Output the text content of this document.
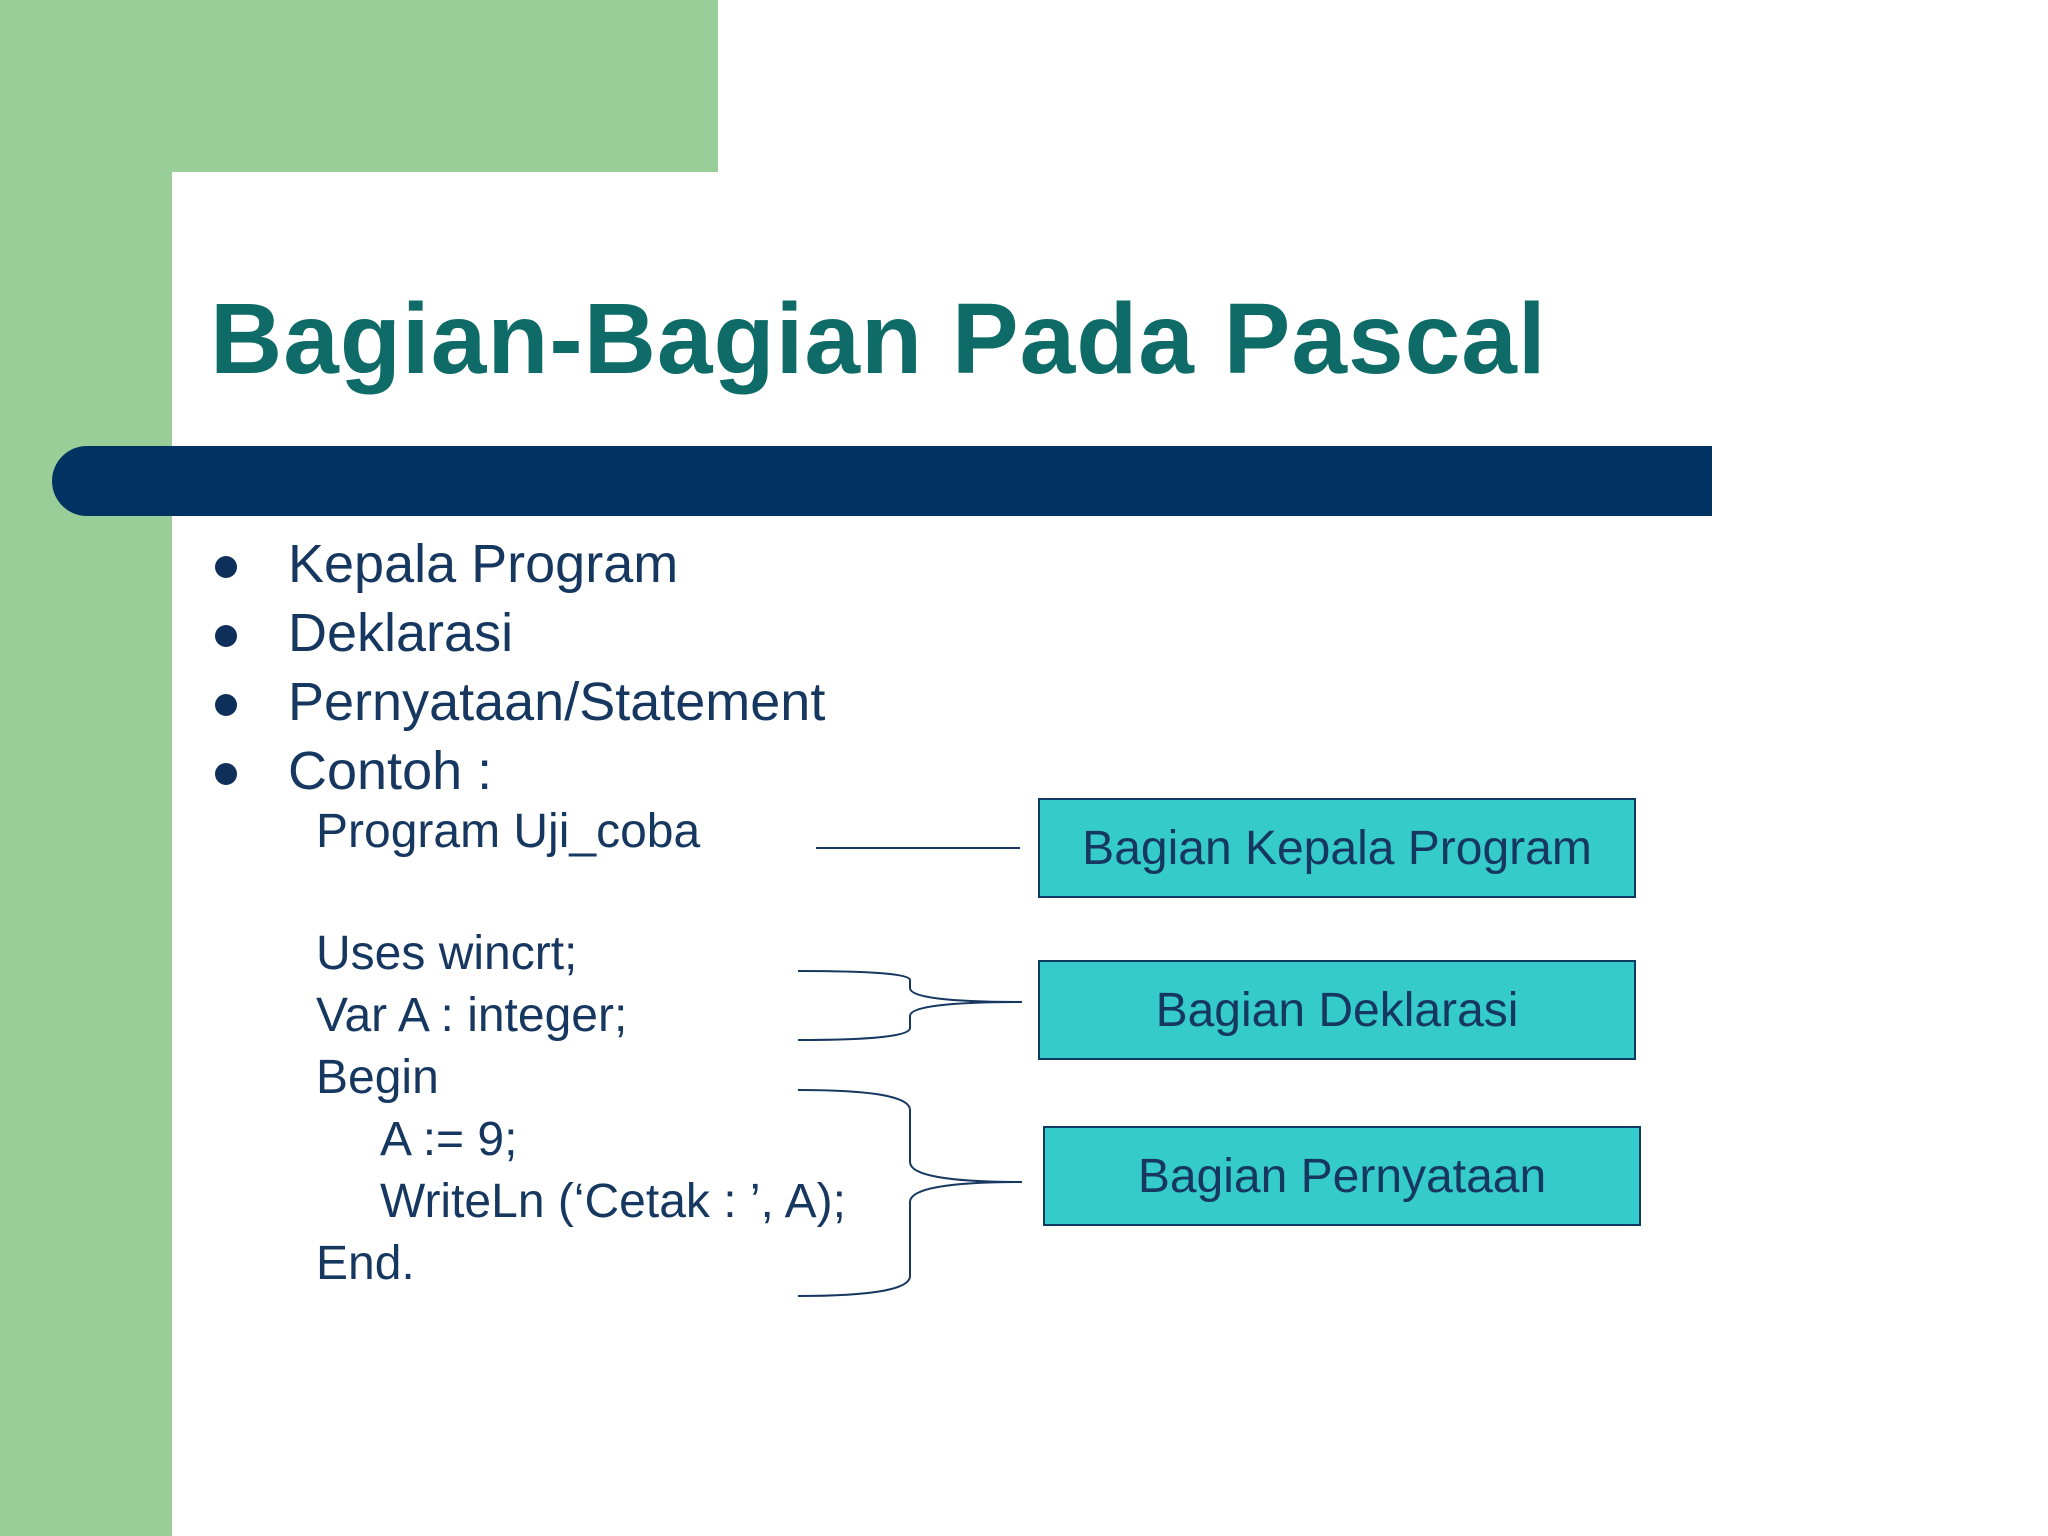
Bagian-Bagian Pada Pascal
Kepala Program
Deklarasi
Pernyataan/Statement
Contoh :
Program Uji_coba
Uses wincrt;
Var A : integer;
Begin
A := 9;
WriteLn (‘Cetak : ’, A);
End.
Bagian Kepala Program
Bagian Deklarasi
Bagian Pernyataan
